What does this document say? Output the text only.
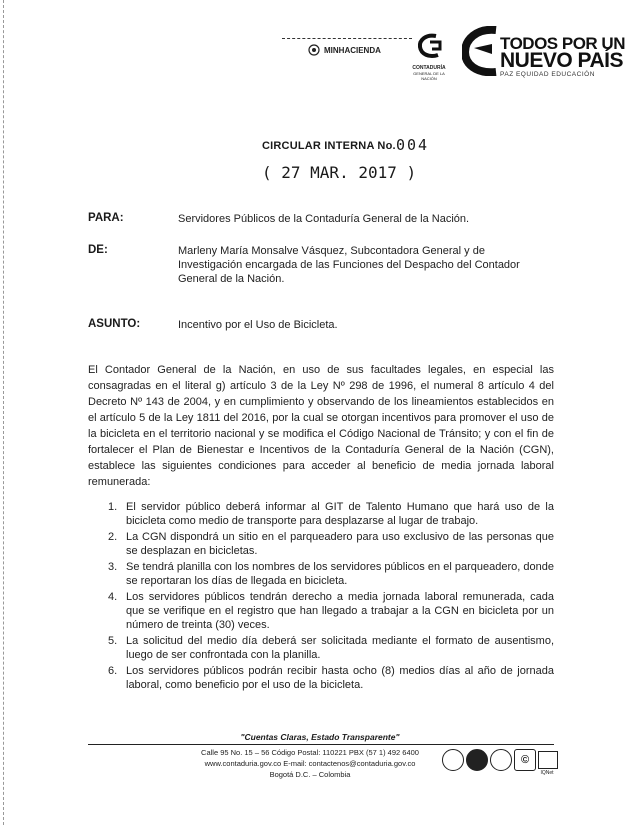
MINHACIENDA
CONTADURÍA
GENERAL DE LA NACIÓN
TODOS POR UN
NUEVO PAÍS
PAZ EQUIDAD EDUCACIÓN
CIRCULAR INTERNA No. 004
( 27 MAR. 2017 )
PARA:	Servidores Públicos de la Contaduría General de la Nación.
DE:	Marleny María Monsalve Vásquez, Subcontadora General y de Investigación encargada de las Funciones del Despacho del Contador General de la Nación.
ASUNTO:	Incentivo por el Uso de Bicicleta.
El Contador General de la Nación, en uso de sus facultades legales, en especial las consagradas en el literal g) artículo 3 de la Ley Nº 298 de 1996, el numeral 8 artículo 4 del Decreto Nº 143 de 2004, y en cumplimiento y observando de los lineamientos establecidos en el artículo 5 de la Ley 1811 del 2016, por la cual se otorgan incentivos para promover el uso de la bicicleta en el territorio nacional y se modifica el Código Nacional de Tránsito; y con el fin de fortalecer el Plan de Bienestar e Incentivos de la Contaduría General de la Nación (CGN), establece las siguientes condiciones para acceder al beneficio de media jornada laboral remunerada:
1. El servidor público deberá informar al GIT de Talento Humano que hará uso de la bicicleta como medio de transporte para desplazarse al lugar de trabajo.
2. La CGN dispondrá un sitio en el parqueadero para uso exclusivo de las personas que se desplazan en bicicletas.
3. Se tendrá planilla con los nombres de los servidores públicos en el parqueadero, donde se reportaran los días de llegada en bicicleta.
4. Los servidores públicos tendrán derecho a media jornada laboral remunerada, cada que se verifique en el registro que han llegado a trabajar a la CGN en bicicleta por un número de treinta (30) veces.
5. La solicitud del medio día deberá ser solicitada mediante el formato de ausentismo, luego de ser confrontada con la planilla.
6. Los servidores públicos podrán recibir hasta ocho (8) medios días al año de jornada laboral, como beneficio por el uso de la bicicleta.
"Cuentas Claras, Estado Transparente"
Calle 95 No. 15 – 56 Código Postal: 110221 PBX (57 1) 492 6400
www.contaduria.gov.co E-mail: contactenos@contaduria.gov.co
Bogotá D.C. – Colombia
©
IQNet
